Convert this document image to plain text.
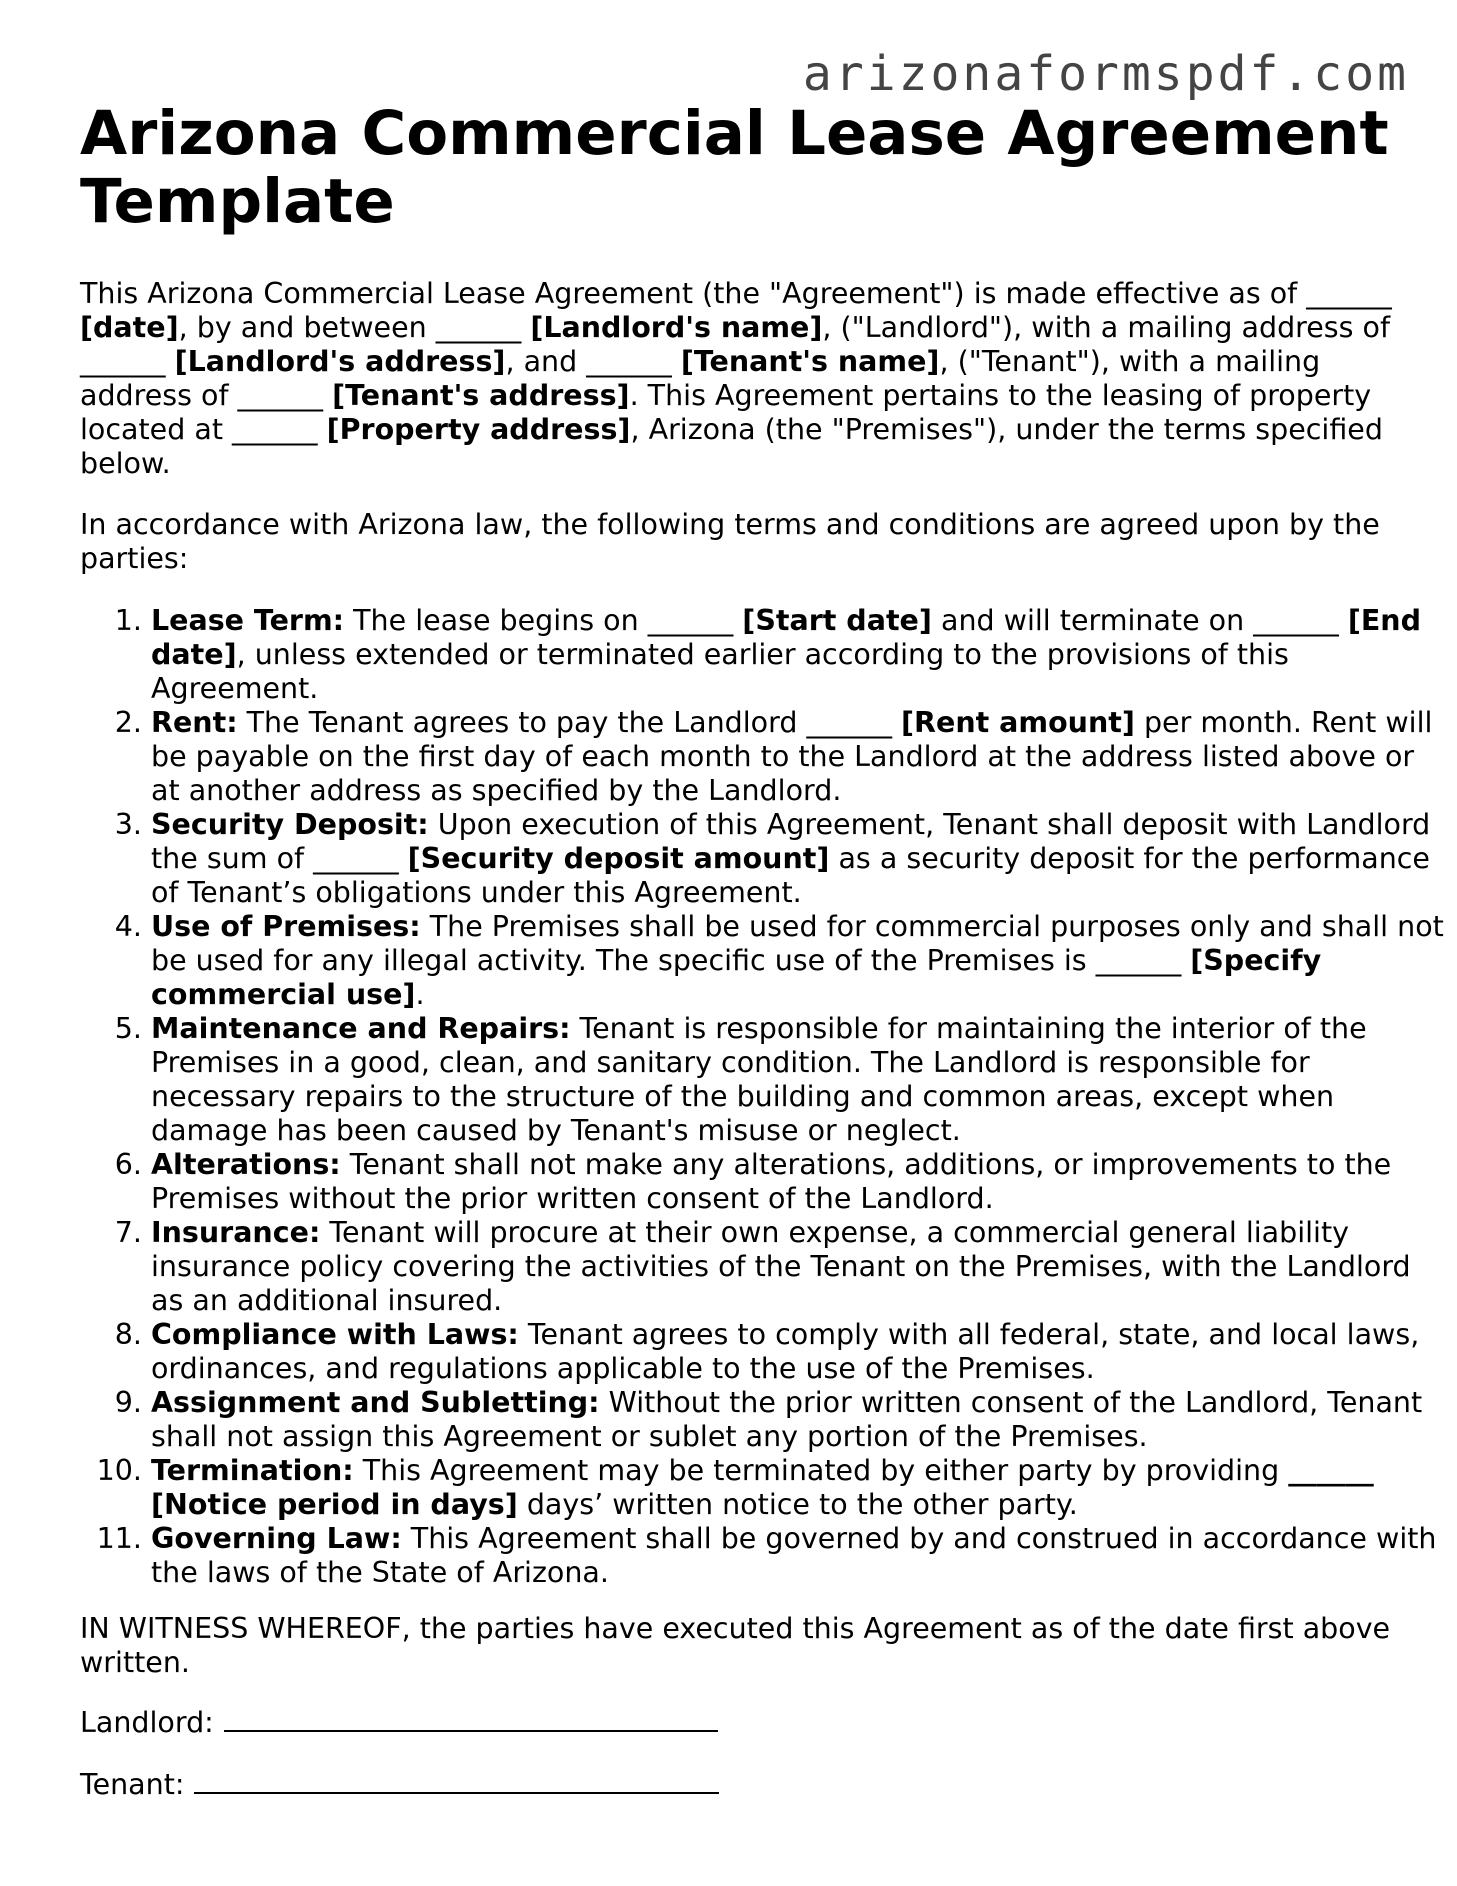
arizonaformspdf.com
Arizona Commercial Lease Agreement Template

This Arizona Commercial Lease Agreement (the "Agreement") is made effective as of ______ [date], by and between ______ [Landlord's name], ("Landlord"), with a mailing address of ______ [Landlord's address], and ______ [Tenant's name], ("Tenant"), with a mailing address of ______ [Tenant's address]. This Agreement pertains to the leasing of property located at ______ [Property address], Arizona (the "Premises"), under the terms specified below.

In accordance with Arizona law, the following terms and conditions are agreed upon by the parties:

1. Lease Term: The lease begins on ______ [Start date] and will terminate on ______ [End date], unless extended or terminated earlier according to the provisions of this Agreement.
2. Rent: The Tenant agrees to pay the Landlord ______ [Rent amount] per month. Rent will be payable on the first day of each month to the Landlord at the address listed above or at another address as specified by the Landlord.
3. Security Deposit: Upon execution of this Agreement, Tenant shall deposit with Landlord the sum of ______ [Security deposit amount] as a security deposit for the performance of Tenant’s obligations under this Agreement.
4. Use of Premises: The Premises shall be used for commercial purposes only and shall not be used for any illegal activity. The specific use of the Premises is ______ [Specify commercial use].
5. Maintenance and Repairs: Tenant is responsible for maintaining the interior of the Premises in a good, clean, and sanitary condition. The Landlord is responsible for necessary repairs to the structure of the building and common areas, except when damage has been caused by Tenant's misuse or neglect.
6. Alterations: Tenant shall not make any alterations, additions, or improvements to the Premises without the prior written consent of the Landlord.
7. Insurance: Tenant will procure at their own expense, a commercial general liability insurance policy covering the activities of the Tenant on the Premises, with the Landlord as an additional insured.
8. Compliance with Laws: Tenant agrees to comply with all federal, state, and local laws, ordinances, and regulations applicable to the use of the Premises.
9. Assignment and Subletting: Without the prior written consent of the Landlord, Tenant shall not assign this Agreement or sublet any portion of the Premises.
10. Termination: This Agreement may be terminated by either party by providing ______ [Notice period in days] days’ written notice to the other party.
11. Governing Law: This Agreement shall be governed by and construed in accordance with the laws of the State of Arizona.

IN WITNESS WHEREOF, the parties have executed this Agreement as of the date first above written.

Landlord:
Tenant:
